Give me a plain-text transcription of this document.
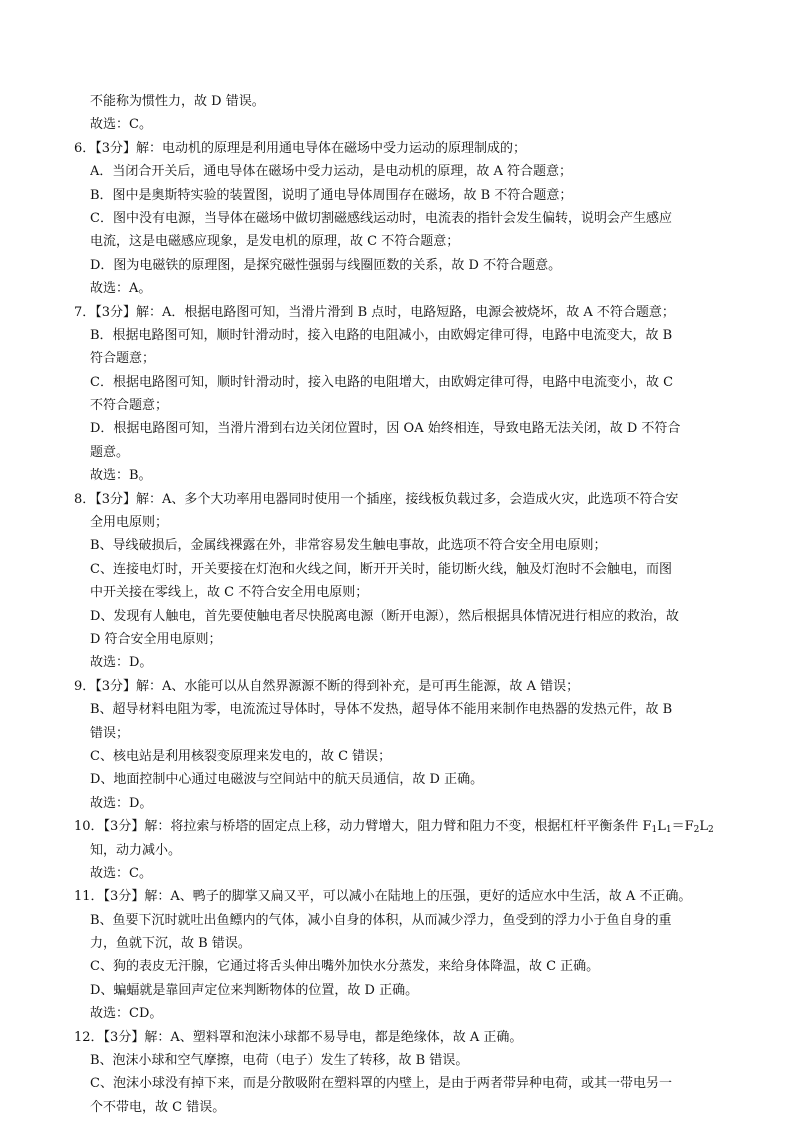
不能称为惯性力，故 D 错误。
故选：C。
6．【3分】解：电动机的原理是利用通电导体在磁场中受力运动的原理制成的；
A．当闭合开关后，通电导体在磁场中受力运动，是电动机的原理，故 A 符合题意；
B．图中是奥斯特实验的装置图，说明了通电导体周围存在磁场，故 B 不符合题意；
C．图中没有电源，当导体在磁场中做切割磁感线运动时，电流表的指针会发生偏转，说明会产生感应
电流，这是电磁感应现象，是发电机的原理，故 C 不符合题意；
D．图为电磁铁的原理图，是探究磁性强弱与线圈匝数的关系，故 D 不符合题意。
故选：A。
7．【3分】解：A．根据电路图可知，当滑片滑到 B 点时，电路短路，电源会被烧坏，故 A 不符合题意；
B．根据电路图可知，顺时针滑动时，接入电路的电阻减小，由欧姆定律可得，电路中电流变大，故 B
符合题意；
C．根据电路图可知，顺时针滑动时，接入电路的电阻增大，由欧姆定律可得，电路中电流变小，故 C
不符合题意；
D．根据电路图可知，当滑片滑到右边关闭位置时，因 OA 始终相连，导致电路无法关闭，故 D 不符合
题意。
故选：B。
8．【3分】解：A、多个大功率用电器同时使用一个插座，接线板负载过多，会造成火灾，此选项不符合安
全用电原则；
B、导线破损后，金属线裸露在外，非常容易发生触电事故，此选项不符合安全用电原则；
C、连接电灯时，开关要接在灯泡和火线之间，断开开关时，能切断火线，触及灯泡时不会触电，而图
中开关接在零线上，故 C 不符合安全用电原则；
D、发现有人触电，首先要使触电者尽快脱离电源（断开电源），然后根据具体情况进行相应的救治，故
D 符合安全用电原则；
故选：D。
9．【3分】解：A、水能可以从自然界源源不断的得到补充，是可再生能源，故 A 错误；
B、超导材料电阻为零，电流流过导体时，导体不发热，超导体不能用来制作电热器的发热元件，故 B
错误；
C、核电站是利用核裂变原理来发电的，故 C 错误；
D、地面控制中心通过电磁波与空间站中的航天员通信，故 D 正确。
故选：D。
10．【3分】解：将拉索与桥塔的固定点上移，动力臂增大，阻力臂和阻力不变，根据杠杆平衡条件 $F_1L_1=F_2L_2$
知，动力减小。
故选：C。
11．【3分】解：A、鸭子的脚掌又扁又平，可以减小在陆地上的压强，更好的适应水中生活，故 A 不正确。
B、鱼要下沉时就吐出鱼鳔内的气体，减小自身的体积，从而减少浮力，鱼受到的浮力小于鱼自身的重
力，鱼就下沉，故 B 错误。
C、狗的表皮无汗腺，它通过将舌头伸出嘴外加快水分蒸发，来给身体降温，故 C 正确。
D、蝙蝠就是靠回声定位来判断物体的位置，故 D 正确。
故选：CD。
12．【3分】解：A、塑料罩和泡沫小球都不易导电，都是绝缘体，故 A 正确。
B、泡沫小球和空气摩擦，电荷（电子）发生了转移，故 B 错误。
C、泡沫小球没有掉下来，而是分散吸附在塑料罩的内壁上，是由于两者带异种电荷，或其一带电另一
个不带电，故 C 错误。
